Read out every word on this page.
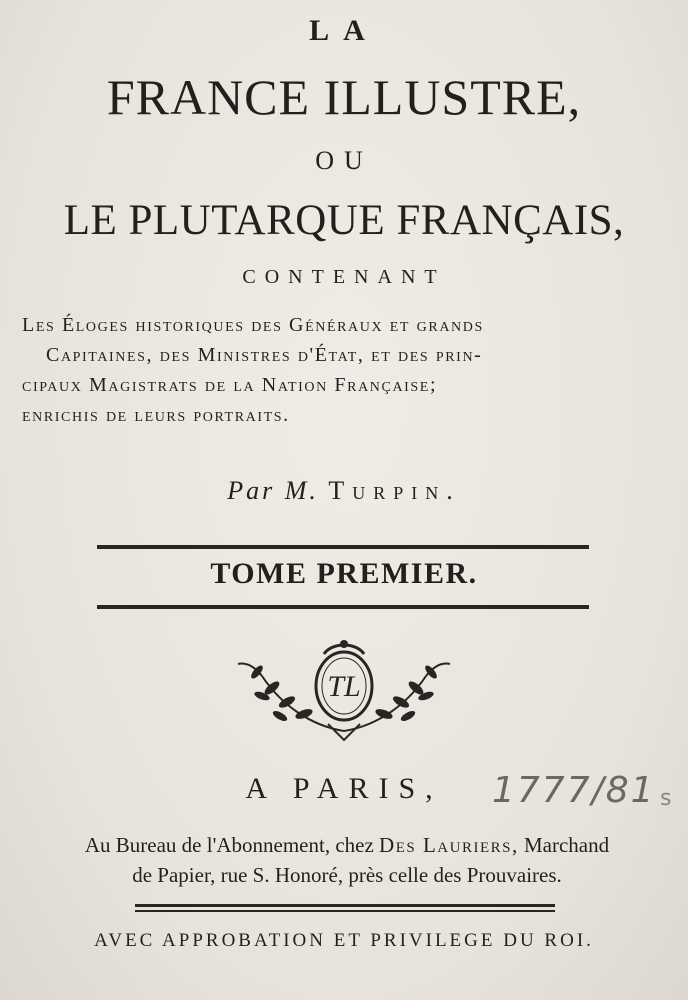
LA
FRANCE ILLUSTRE,
OU
LE PLUTARQUE FRANÇAIS,
CONTENANT
Les Éloges historiques des Généraux et grands
Capitaines, des Ministres d'État, et des prin-
cipaux Magistrats de la Nation Française;
enrichis de leurs portraits.
Par M. Turpin.
TOME PREMIER.
TL
A PARIS,	1777/81 s
Au Bureau de l'Abonnement, chez Des Lauriers, Marchand
de Papier, rue S. Honoré, près celle des Prouvaires.
AVEC APPROBATION ET PRIVILEGE DU ROI.
